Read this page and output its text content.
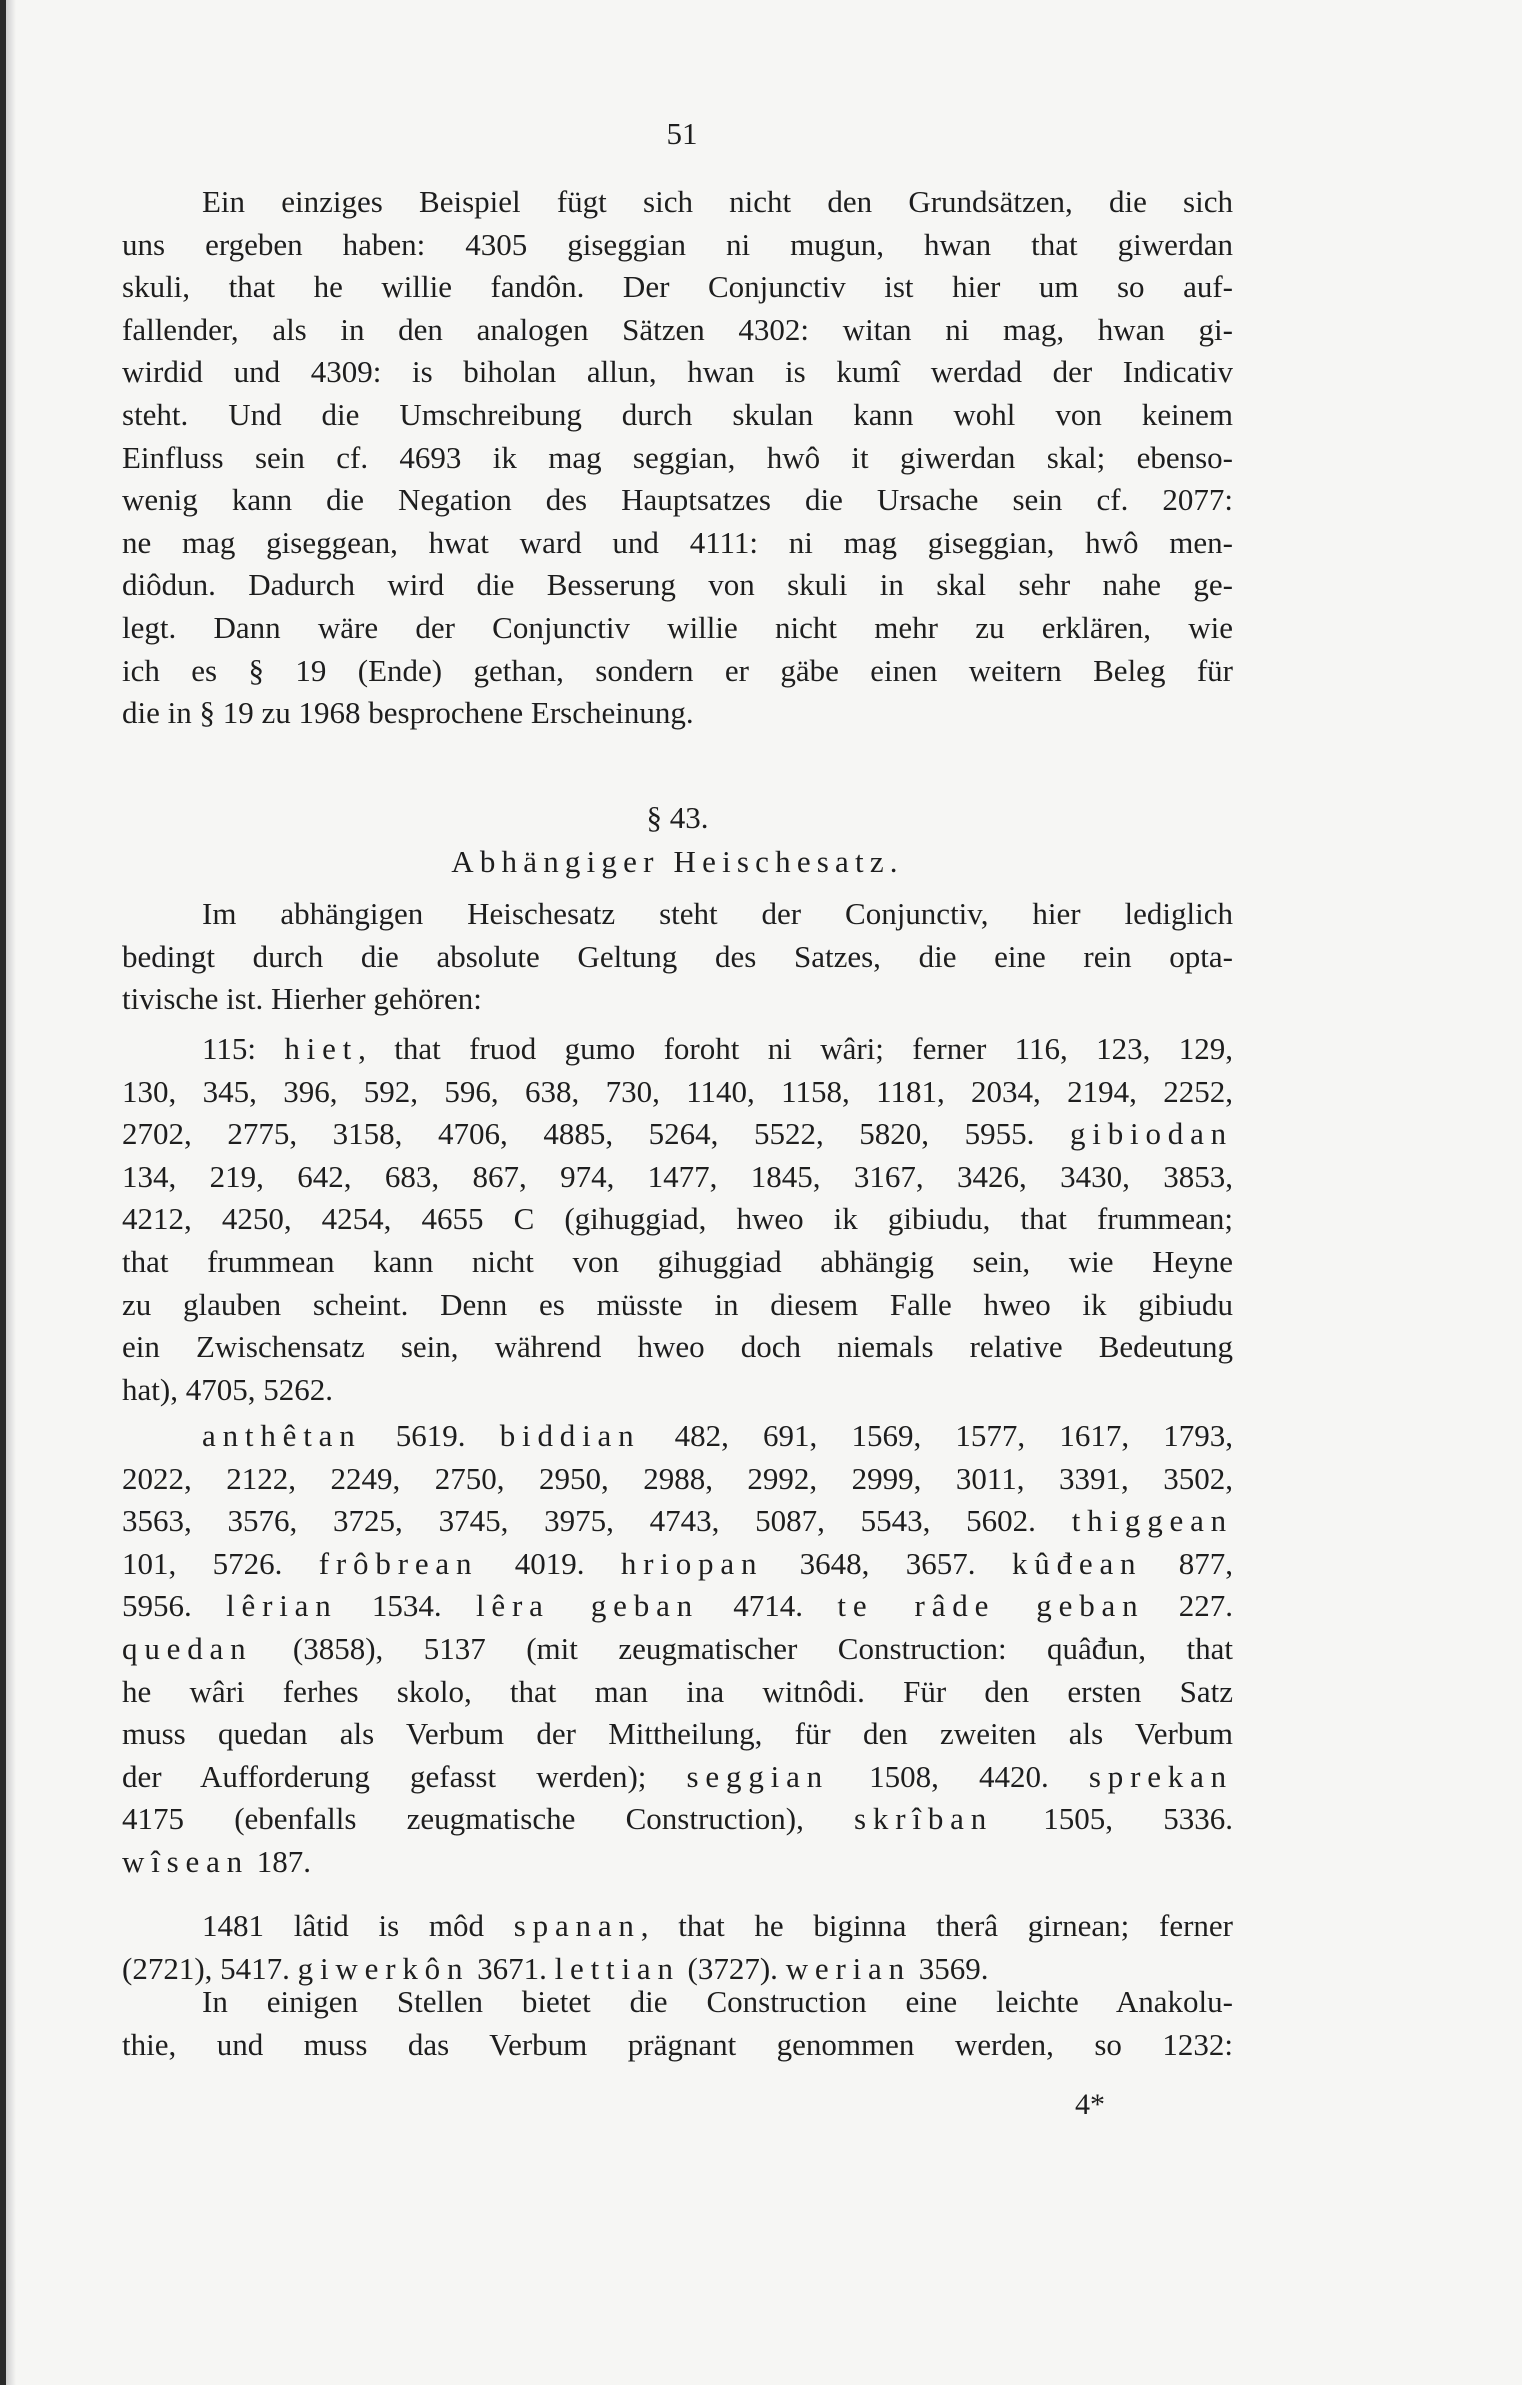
51
Ein einziges Beispiel fügt sich nicht den Grundsätzen, die sich
uns ergeben haben: 4305 giseggian ni mugun, hwan that giwerdan
skuli, that he willie fandôn. Der Conjunctiv ist hier um so auf-
fallender, als in den analogen Sätzen 4302: witan ni mag, hwan gi-
wirdid und 4309: is biholan allun, hwan is kumî werdad der Indicativ
steht. Und die Umschreibung durch skulan kann wohl von keinem
Einfluss sein cf. 4693 ik mag seggian, hwô it giwerdan skal; ebenso-
wenig kann die Negation des Hauptsatzes die Ursache sein cf. 2077:
ne mag giseggean, hwat ward und 4111: ni mag giseggian, hwô men-
diôdun. Dadurch wird die Besserung von skuli in skal sehr nahe ge-
legt. Dann wäre der Conjunctiv willie nicht mehr zu erklären, wie
ich es § 19 (Ende) gethan, sondern er gäbe einen weitern Beleg für
die in § 19 zu 1968 besprochene Erscheinung.
§ 43.
Abhängiger Heischesatz.
Im abhängigen Heischesatz steht der Conjunctiv, hier lediglich
bedingt durch die absolute Geltung des Satzes, die eine rein opta-
tivische ist. Hierher gehören:
115: hiet, that fruod gumo foroht ni wâri; ferner 116, 123, 129,
130, 345, 396, 592, 596, 638, 730, 1140, 1158, 1181, 2034, 2194, 2252,
2702, 2775, 3158, 4706, 4885, 5264, 5522, 5820, 5955. gibiodan
134, 219, 642, 683, 867, 974, 1477, 1845, 3167, 3426, 3430, 3853,
4212, 4250, 4254, 4655 C (gihuggiad, hweo ik gibiudu, that frummean;
that frummean kann nicht von gihuggiad abhängig sein, wie Heyne
zu glauben scheint. Denn es müsste in diesem Falle hweo ik gibiudu
ein Zwischensatz sein, während hweo doch niemals relative Bedeutung
hat), 4705, 5262.
anthêtan 5619. biddian 482, 691, 1569, 1577, 1617, 1793,
2022, 2122, 2249, 2750, 2950, 2988, 2992, 2999, 3011, 3391, 3502,
3563, 3576, 3725, 3745, 3975, 4743, 5087, 5543, 5602. thiggean
101, 5726. frôbrean 4019. hriopan 3648, 3657. kûđean 877,
5956. lêrian 1534. lêra geban 4714. te râde geban 227.
quedan (3858), 5137 (mit zeugmatischer Construction: quâđun, that
he wâri ferhes skolo, that man ina witnôdi. Für den ersten Satz
muss quedan als Verbum der Mittheilung, für den zweiten als Verbum
der Aufforderung gefasst werden); seggian 1508, 4420. sprekan
4175 (ebenfalls zeugmatische Construction), skrîban 1505, 5336.
wîsean 187.
1481 lâtid is môd spanan, that he biginna therâ girnean; ferner
(2721), 5417. giwerkôn 3671. lettian (3727). werian 3569.
In einigen Stellen bietet die Construction eine leichte Anakolu-
thie, und muss das Verbum prägnant genommen werden, so 1232:
4*
